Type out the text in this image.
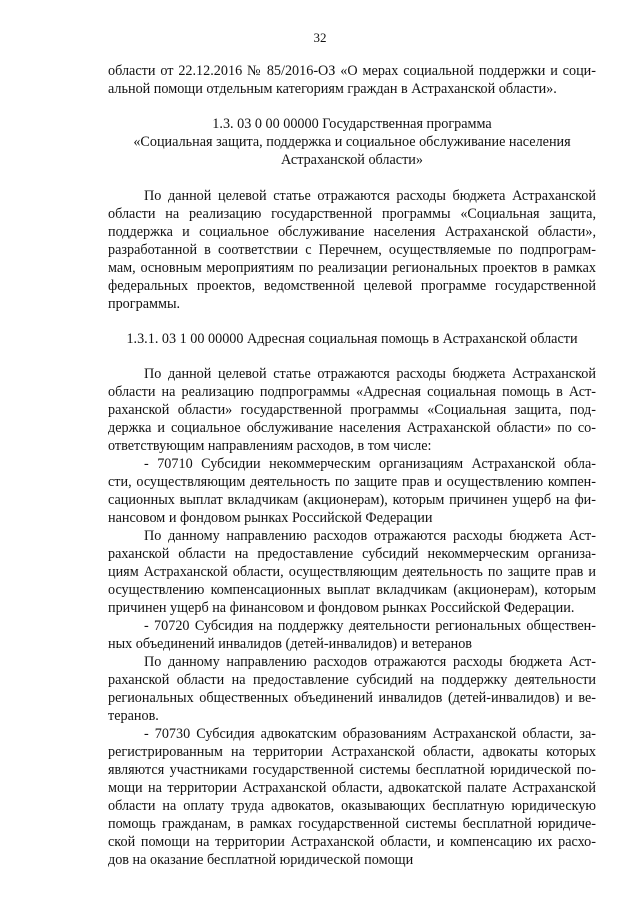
32
области от 22.12.2016 № 85/2016-ОЗ «О мерах социальной поддержки и соци-
альной помощи отдельным категориям граждан в Астраханской области».
1.3. 03 0 00 00000 Государственная программа
«Социальная защита, поддержка и социальное обслуживание населения
Астраханской области»
По данной целевой статье отражаются расходы бюджета Астраханской
области на реализацию государственной программы «Социальная защита,
поддержка и социальное обслуживание населения Астраханской области»,
разработанной в соответствии с Перечнем, осуществляемые по подпрограм-
мам, основным мероприятиям по реализации региональных проектов в рамках
федеральных проектов, ведомственной целевой программе государственной
программы.
1.3.1. 03 1 00 00000 Адресная социальная помощь в Астраханской области
По данной целевой статье отражаются расходы бюджета Астраханской
области на реализацию подпрограммы «Адресная социальная помощь в Аст-
раханской области» государственной программы «Социальная защита, под-
держка и социальное обслуживание населения Астраханской области» по со-
ответствующим направлениям расходов, в том числе:
- 70710 Субсидии некоммерческим организациям Астраханской обла-
сти, осуществляющим деятельность по защите прав и осуществлению компен-
сационных выплат вкладчикам (акционерам), которым причинен ущерб на фи-
нансовом и фондовом рынках Российской Федерации
По данному направлению расходов отражаются расходы бюджета Аст-
раханской области на предоставление субсидий некоммерческим организа-
циям Астраханской области, осуществляющим деятельность по защите прав и
осуществлению компенсационных выплат вкладчикам (акционерам), которым
причинен ущерб на финансовом и фондовом рынках Российской Федерации.
- 70720 Субсидия на поддержку деятельности региональных обществен-
ных объединений инвалидов (детей-инвалидов) и ветеранов
По данному направлению расходов отражаются расходы бюджета Аст-
раханской области на предоставление субсидий на поддержку деятельности
региональных общественных объединений инвалидов (детей-инвалидов) и ве-
теранов.
- 70730 Субсидия адвокатским образованиям Астраханской области, за-
регистрированным на территории Астраханской области, адвокаты которых
являются участниками государственной системы бесплатной юридической по-
мощи на территории Астраханской области, адвокатской палате Астраханской
области на оплату труда адвокатов, оказывающих бесплатную юридическую
помощь гражданам, в рамках государственной системы бесплатной юридиче-
ской помощи на территории Астраханской области, и компенсацию их расхо-
дов на оказание бесплатной юридической помощи
